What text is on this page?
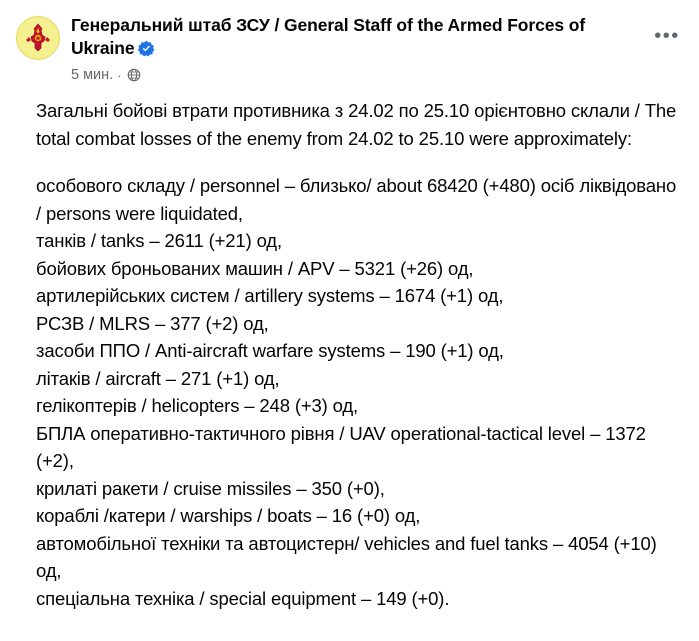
Генеральний штаб ЗСУ / General Staff of the Armed Forces of Ukraine
5 мин. ·
•••

Загальні бойові втрати противника з 24.02 по 25.10 орієнтовно склали / The total combat losses of the enemy from 24.02 to 25.10 were approximately:

особового складу / personnel – близько/ about 68420 (+480) осіб ліквідовано / persons were liquidated,
танків / tanks – 2611 (+21) од,
бойових броньованих машин / APV – 5321 (+26) од,
артилерійських систем / artillery systems – 1674 (+1) од,
РСЗВ / MLRS – 377 (+2) од,
засоби ППО / Anti-aircraft warfare systems – 190 (+1) од,
літаків / aircraft – 271 (+1) од,
гелікоптерів / helicopters – 248 (+3) од,
БПЛА оперативно-тактичного рівня / UAV operational-tactical level – 1372 (+2),
крилаті ракети / cruise missiles – 350 (+0),
кораблі /катери / warships / boats – 16 (+0) од,
автомобільної техніки та автоцистерн/ vehicles and fuel tanks – 4054 (+10) од,
спеціальна техніка / special equipment – 149 (+0).
